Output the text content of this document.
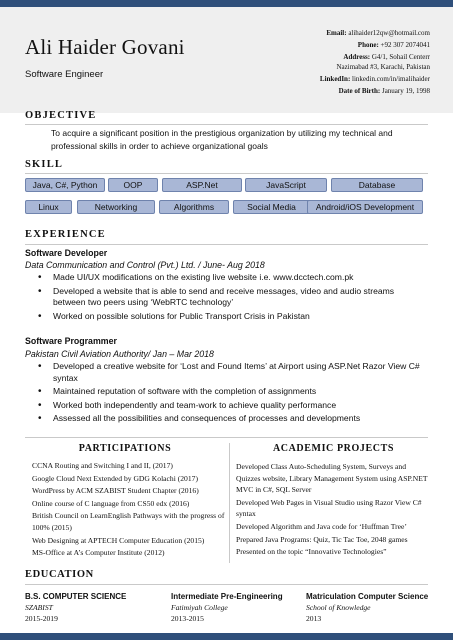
Ali Haider Govani
Software Engineer
Email: alihaider12qw@hotmail.com
Phone: +92 307 2074041
Address: G4/1, Sohail Centerr
Nazimabad #3, Karachi, Pakistan
LinkedIn: linkedin.com/in/imalihaider
Date of Birth: January 19, 1998
OBJECTIVE
To acquire a significant position in the prestigious organization by utilizing my technical and professional skills in order to achieve organizational goals
SKILL
Java, C#, Python	OOP	ASP.Net	JavaScript	Database
Linux	Networking	Algorithms	Social Media	Android/iOS Development
EXPERIENCE
Software Developer
Data Communication and Control (Pvt.) Ltd. / June- Aug 2018
• Made UI/UX modifications on the existing live website i.e. www.dcctech.com.pk
• Developed a website that is able to send and receive messages, video and audio streams between two peers using ‘WebRTC technology’
• Worked on possible solutions for Public Transport Crisis in Pakistan
Software Programmer
Pakistan Civil Aviation Authority/ Jan – Mar 2018
• Developed a creative website for ‘Lost and Found Items’ at Airport using ASP.Net Razor View C# syntax
• Maintained reputation of software with the completion of assignments
• Worked both independently and team-work to achieve quality performance
• Assessed all the possibilities and consequences of processes and developments
PARTICIPATIONS
CCNA Routing and Switching I and II, (2017)
Google Cloud Next Extended by GDG Kolachi (2017)
WordPress by ACM SZABIST Student Chapter (2016)
Online course of C language from CS50 edx (2016)
British Council on LearnEnglish Pathways with the progress of 100% (2015)
Web Designing at APTECH Computer Education (2015)
MS-Office at A’s Computer Institute (2012)
ACADEMIC PROJECTS
Developed Class Auto-Scheduling System, Surveys and Quizzes website, Library Management System using ASP.NET MVC in C#, SQL Server
Developed Web Pages in Visual Studio using Razor View C# syntax
Developed Algorithm and Java code for ‘Huffman Tree’
Prepared Java Programs: Quiz, Tic Tac Toe, 2048 games
Presented on the topic “Innovative Technologies”
EDUCATION
B.S. COMPUTER SCIENCE
SZABIST
2015-2019
Intermediate Pre-Engineering
Fatimiyah College
2013-2015
Matriculation Computer Science
School of Knowledge
2013
